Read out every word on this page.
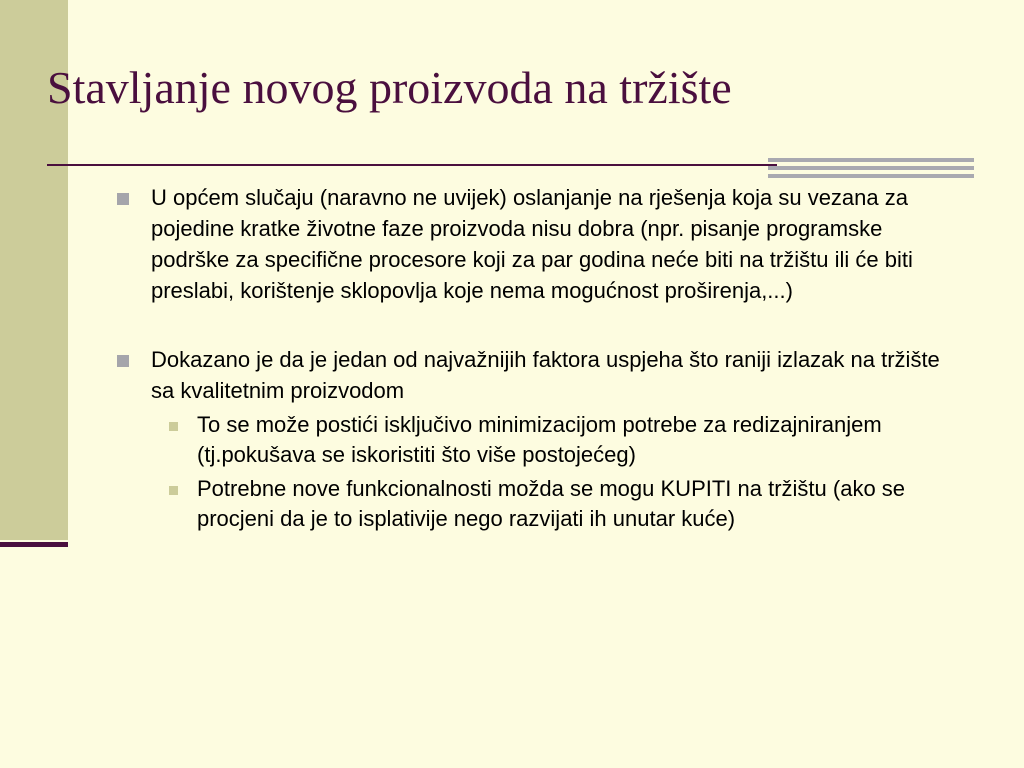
Stavljanje novog proizvoda na tržište
U općem slučaju (naravno ne uvijek) oslanjanje na rješenja koja su vezana za pojedine kratke životne faze proizvoda nisu dobra (npr. pisanje programske podrške za specifične procesore koji za par godina neće biti na tržištu ili će biti preslabi, korištenje sklopovlja koje nema mogućnost proširenja,...)
Dokazano je da je jedan od najvažnijih faktora uspjeha što raniji izlazak na tržište sa kvalitetnim proizvodom
To se može postići isključivo minimizacijom potrebe za redizajniranjem (tj.pokušava se iskoristiti što više postojećeg)
Potrebne nove funkcionalnosti možda se mogu KUPITI na tržištu (ako se procjeni da je to isplativije nego razvijati ih unutar kuće)
